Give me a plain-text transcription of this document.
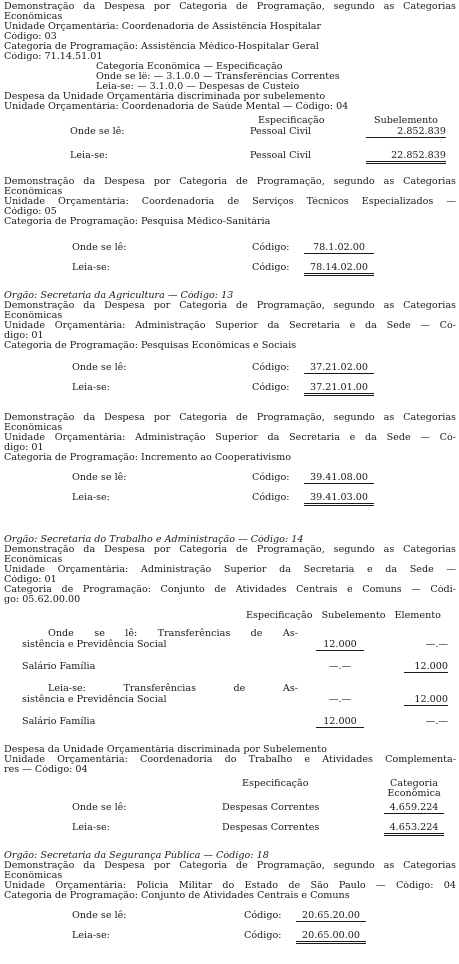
Demonstração da Despesa por Categoria de Programação, segundo as Categorias
Econômicas
Unidade Orçamentária: Coordenadoria de Assistência Hospitalar
Código: 03
Categoria de Programação: Assistência Médico-Hospitalar Geral
Código: 71.14.51.01
Categoria Econômica — Especificação
Onde se lê: — 3.1.0.0 — Transferências Correntes
Leia-se: — 3.1.0.0 — Despesas de Custeio
Despesa da Unidade Orçamentária discriminada por subelemento
Unidade Orçamentária: Coordenadoria de Saúde Mental — Código: 04
Especificação	Subelemento
Onde se lê:	Pessoal Civil	2.852.839
Leia-se:	Pessoal Civil	22.852.839
Demonstração da Despesa por Categoria de Programação, segundo as Categorias
Econômicas
Unidade Orçamentária: Coordenadoria de Serviços Técnicos Especializados —
Código: 05
Categoria de Programação: Pesquisa Médico-Sanitária
Onde se lê:	Código:	78.1.02.00
Leia-se:	Código:	78.14.02.00
Órgão: Secretaria da Agricultura — Código: 13
Demonstração da Despesa por Categoria de Programação, segundo as Categorias
Econômicas
Unidade Orçamentária: Administração Superior da Secretaria e da Sede — Có-
digo: 01
Categoria de Programação: Pesquisas Econômicas e Sociais
Onde se lê:	Código:	37.21.02.00
Leia-se:	Código:	37.21.01.00
Demonstração da Despesa por Categoria de Programação, segundo as Categorias
Econômicas
Unidade Orçamentária: Administração Superior da Secretaria e da Sede — Có-
digo: 01
Categoria de Programação: Incremento ao Cooperativismo
Onde se lê:	Código:	39.41.08.00
Leia-se:	Código:	39.41.03.00
Órgão: Secretaria do Trabalho e Administração — Código: 14
Demonstração da Despesa por Categoria de Programação, segundo as Categorias
Econômicas
Unidade Orçamentária: Administração Superior da Secretaria e da Sede —
Código: 01
Categoria de Programação: Conjunto de Atividades Centrais e Comuns — Códi-
go: 05.62.00.00
Especificação Subelemento Elemento
Onde se lê: Transferências de As-
sistência e Previdência Social	12.000	—.—
Salário Família	—.—	12.000
Leia-se: Transferências de As-
sistência e Previdência Social	—.—	12.000
Salário Família	12.000	—.—
Despesa da Unidade Orçamentária discriminada por Subelemento
Unidade Orçamentária: Coordenadoria do Trabalho e Atividades Complementa-
res — Código: 04
Especificação	Categoria
Econômica
Onde se lê:	Despesas Correntes	4.659.224
Leia-se:	Despesas Correntes	4.653.224
Órgão: Secretaria da Segurança Pública — Código: 18
Demonstração da Despesa por Categoria de Programação, segundo as Categorias
Econômicas
Unidade Orçamentária: Polícia Militar do Estado de São Paulo — Código: 04
Categoria de Programação: Conjunto de Atividades Centrais e Comuns
Onde se lê:	Código:	20.65.20.00
Leia-se:	Código:	20.65.00.00
